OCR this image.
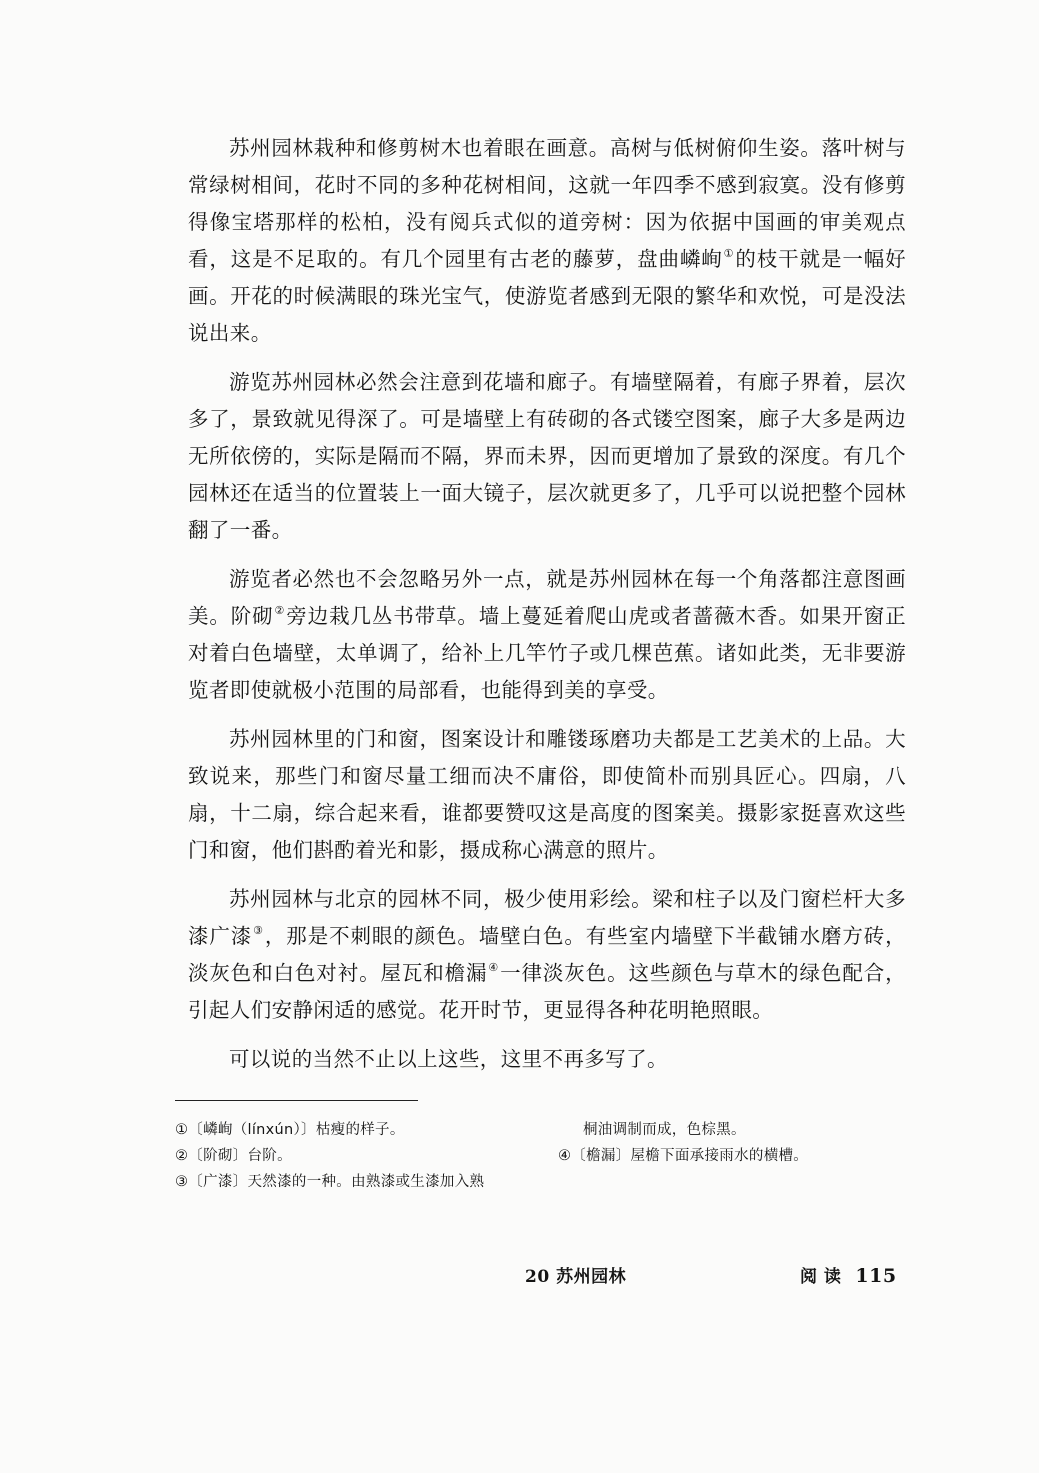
苏州园林栽种和修剪树木也着眼在画意。高树与低树俯仰生姿。落叶树与常绿树相间，花时不同的多种花树相间，这就一年四季不感到寂寞。没有修剪得像宝塔那样的松柏，没有阅兵式似的道旁树：因为依据中国画的审美观点看，这是不足取的。有几个园里有古老的藤萝，盘曲嶙峋①的枝干就是一幅好画。开花的时候满眼的珠光宝气，使游览者感到无限的繁华和欢悦，可是没法说出来。

游览苏州园林必然会注意到花墙和廊子。有墙壁隔着，有廊子界着，层次多了，景致就见得深了。可是墙壁上有砖砌的各式镂空图案，廊子大多是两边无所依傍的，实际是隔而不隔，界而未界，因而更增加了景致的深度。有几个园林还在适当的位置装上一面大镜子，层次就更多了，几乎可以说把整个园林翻了一番。

游览者必然也不会忽略另外一点，就是苏州园林在每一个角落都注意图画美。阶砌②旁边栽几丛书带草。墙上蔓延着爬山虎或者蔷薇木香。如果开窗正对着白色墙壁，太单调了，给补上几竿竹子或几棵芭蕉。诸如此类，无非要游览者即使就极小范围的局部看，也能得到美的享受。

苏州园林里的门和窗，图案设计和雕镂琢磨功夫都是工艺美术的上品。大致说来，那些门和窗尽量工细而决不庸俗，即使简朴而别具匠心。四扇，八扇，十二扇，综合起来看，谁都要赞叹这是高度的图案美。摄影家挺喜欢这些门和窗，他们斟酌着光和影，摄成称心满意的照片。

苏州园林与北京的园林不同，极少使用彩绘。梁和柱子以及门窗栏杆大多漆广漆③，那是不刺眼的颜色。墙壁白色。有些室内墙壁下半截铺水磨方砖，淡灰色和白色对衬。屋瓦和檐漏④一律淡灰色。这些颜色与草木的绿色配合，引起人们安静闲适的感觉。花开时节，更显得各种花明艳照眼。

可以说的当然不止以上这些，这里不再多写了。

①〔嶙峋（línxún）〕枯瘦的样子。

②〔阶砌〕台阶。

③〔广漆〕天然漆的一种。由熟漆或生漆加入熟

桐油调制而成，色棕黑。

④〔檐漏〕屋檐下面承接雨水的横槽。

20 苏州园林	阅 读 115
